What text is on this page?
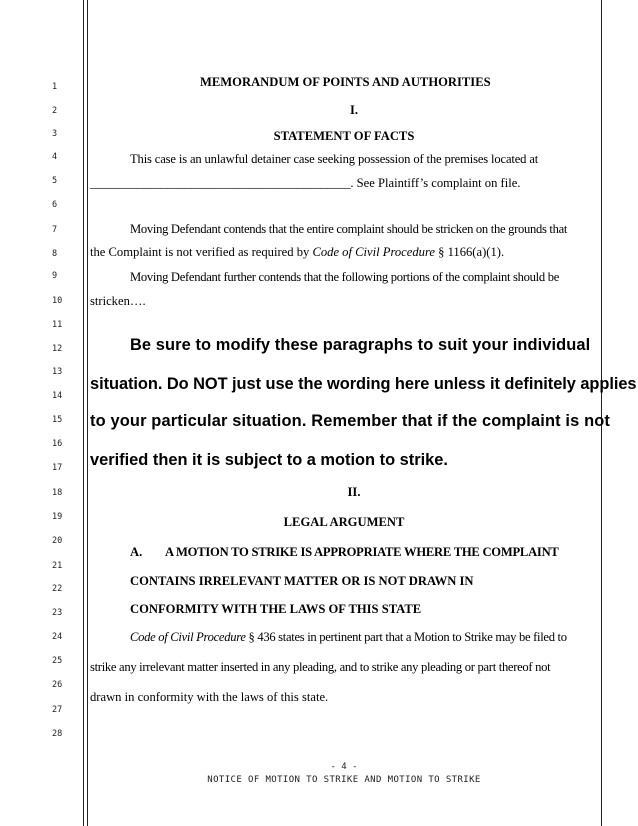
1
2
3
4
5
6
7
8
9
10
11
12
13
14
15
16
17
18
19
20
21
22
23
24
25
26
27
28
MEMORANDUM OF POINTS AND AUTHORITIES
I.
STATEMENT OF FACTS
This case is an unlawful detainer case seeking possession of the premises located at
____________________________________________. See Plaintiff’s complaint on file.
Moving Defendant contends that the entire complaint should be stricken on the grounds that
the Complaint is not verified as required by Code of Civil Procedure § 1166(a)(1).
Moving Defendant further contends that the following portions of the complaint should be
stricken….
Be sure to modify these paragraphs to suit your individual
situation. Do NOT just use the wording here unless it definitely applies
to your particular situation. Remember that if the complaint is not
verified then it is subject to a motion to strike.
II.
LEGAL ARGUMENT
A. A MOTION TO STRIKE IS APPROPRIATE WHERE THE COMPLAINT
CONTAINS IRRELEVANT MATTER OR IS NOT DRAWN IN
CONFORMITY WITH THE LAWS OF THIS STATE
Code of Civil Procedure § 436 states in pertinent part that a Motion to Strike may be filed to
strike any irrelevant matter inserted in any pleading, and to strike any pleading or part thereof not
drawn in conformity with the laws of this state.
- 4 -
NOTICE OF MOTION TO STRIKE AND MOTION TO STRIKE
